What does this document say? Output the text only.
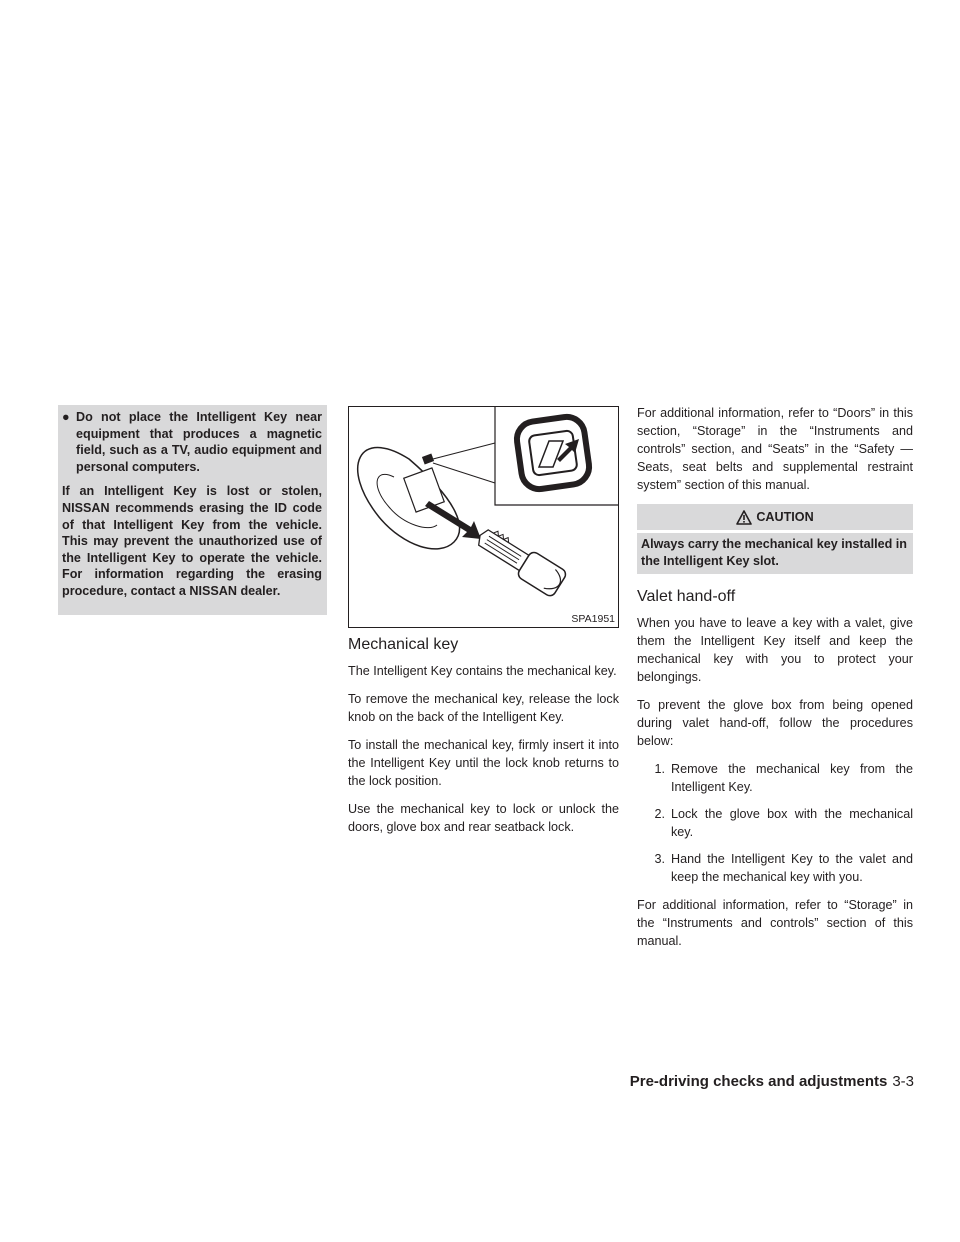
● Do not place the Intelligent Key near equipment that produces a magnetic field, such as a TV, audio equipment and personal computers.
If an Intelligent Key is lost or stolen, NISSAN recommends erasing the ID code of that Intelligent Key from the vehicle. This may prevent the unauthorized use of the Intelligent Key to operate the vehicle. For information regarding the erasing procedure, contact a NISSAN dealer.
SPA1951
Mechanical key

The Intelligent Key contains the mechanical key.

To remove the mechanical key, release the lock knob on the back of the Intelligent Key.

To install the mechanical key, firmly insert it into the Intelligent Key until the lock knob returns to the lock position.

Use the mechanical key to lock or unlock the doors, glove box and rear seatback lock.

For additional information, refer to “Doors” in this section, “Storage” in the “Instruments and controls” section, and “Seats” in the “Safety — Seats, seat belts and supplemental restraint system” section of this manual.

CAUTION
Always carry the mechanical key installed in the Intelligent Key slot.
Valet hand-off

When you have to leave a key with a valet, give them the Intelligent Key itself and keep the mechanical key with you to protect your belongings.

To prevent the glove box from being opened during valet hand-off, follow the procedures below:

1. Remove the mechanical key from the Intelligent Key.
2. Lock the glove box with the mechanical key.
3. Hand the Intelligent Key to the valet and keep the mechanical key with you.

For additional information, refer to “Storage” in the “Instruments and controls” section of this manual.

Pre-driving checks and adjustments 3-3
